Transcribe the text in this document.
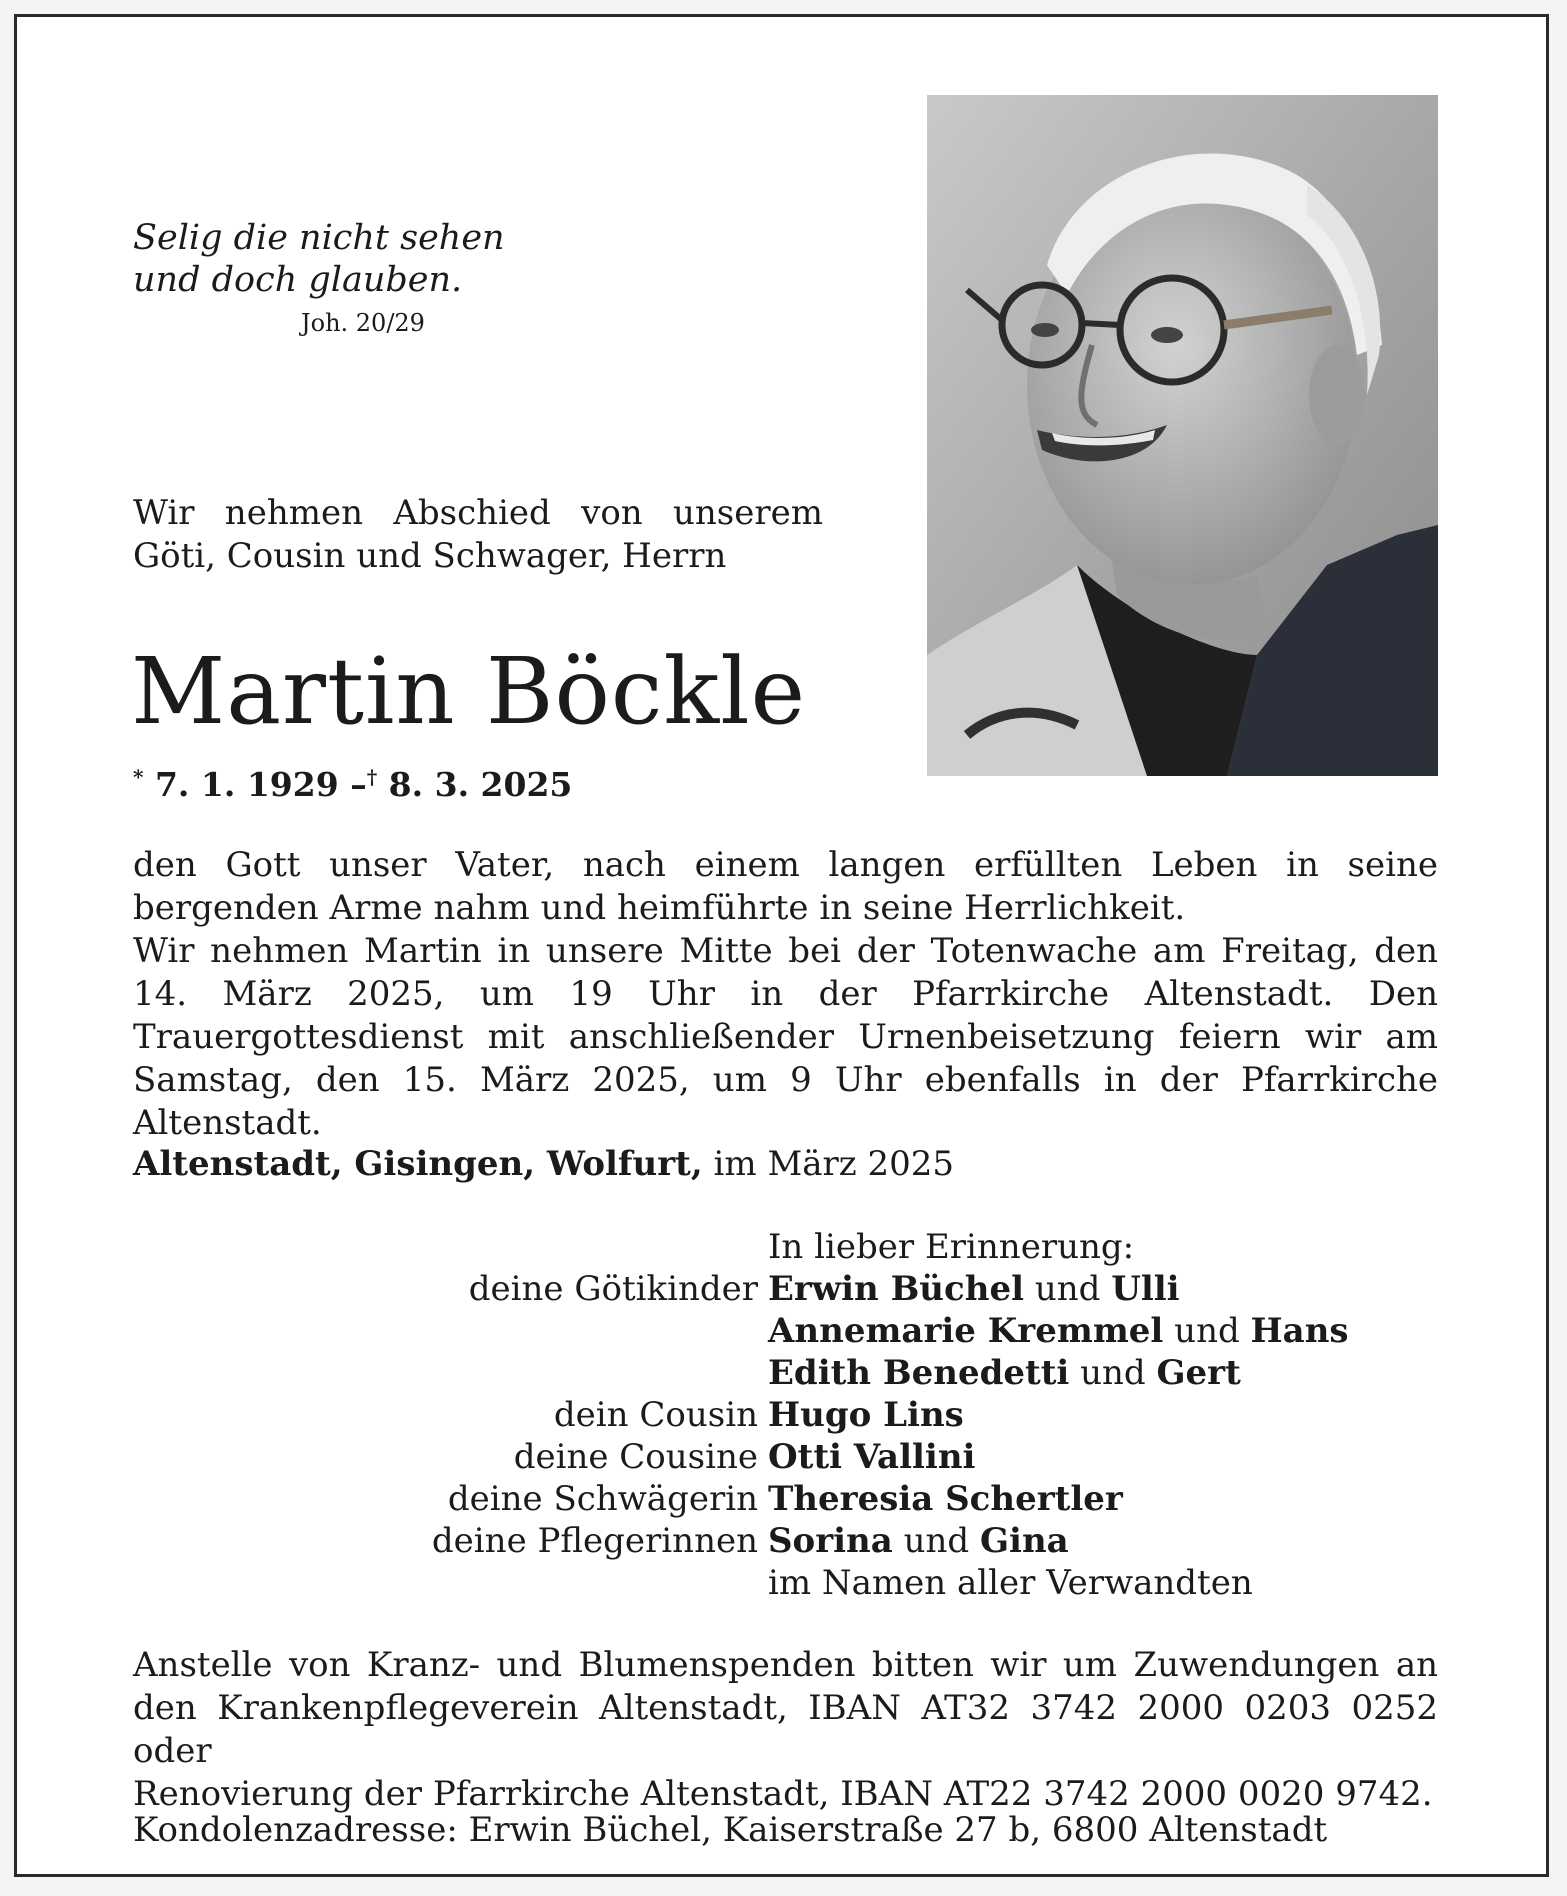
Selig die nicht sehen
und doch glauben.
Joh. 20/29

Wir nehmen Abschied von unserem

Göti, Cousin und Schwager, Herrn

Martin Böckle
* 7. 1. 1929 –† 8. 3. 2025

den Gott unser Vater, nach einem langen erfüllten Leben in seine bergenden Arme nahm und heimführte in seine Herrlichkeit.

Wir nehmen Martin in unsere Mitte bei der Totenwache am Freitag, den 14. März 2025, um 19 Uhr in der Pfarrkirche Altenstadt. Den Trauergottesdienst mit anschließender Urnenbeisetzung feiern wir am Samstag, den 15. März 2025, um 9 Uhr ebenfalls in der Pfarrkirche Altenstadt.

Altenstadt, Gisingen, Wolfurt, im März 2025
In lieber Erinnerung:
deine Götikinder Erwin Büchel und Ulli
Annemarie Kremmel und Hans
Edith Benedetti und Gert
dein Cousin Hugo Lins
deine Cousine Otti Vallini
deine Schwägerin Theresia Schertler
deine Pflegerinnen Sorina und Gina
im Namen aller Verwandten
Anstelle von Kranz- und Blumenspenden bitten wir um Zuwendungen an
den Krankenpflegeverein Altenstadt, IBAN AT32 3742 2000 0203 0252 oder
Renovierung der Pfarrkirche Altenstadt, IBAN AT22 3742 2000 0020 9742.
Kondolenzadresse: Erwin Büchel, Kaiserstraße 27 b, 6800 Altenstadt
